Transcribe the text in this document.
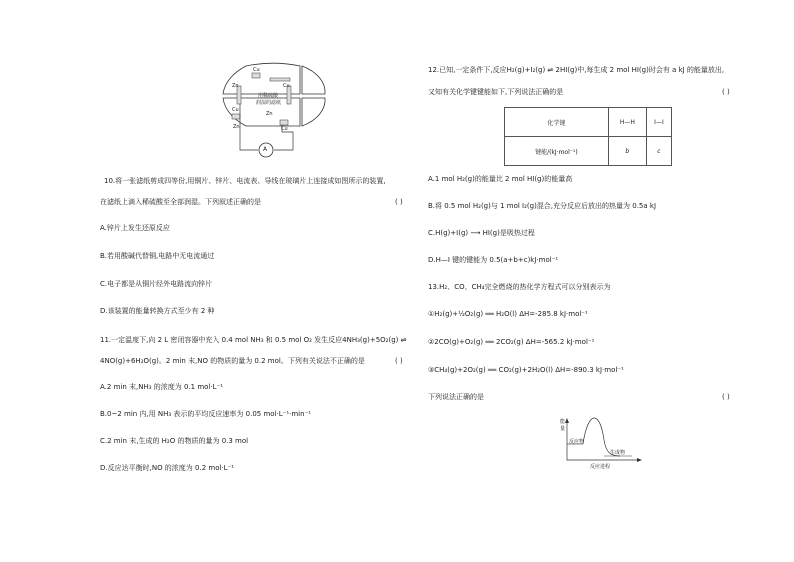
Cu
Zn	Cu
Cu
Zn
Zn	Cu
用稀硫酸
润湿的滤纸
A
10.将一张滤纸剪成四等份,用铜片、锌片、电流表、导线在玻璃片上连接成如图所示的装置,
在滤纸上滴入稀硫酸至全部润湿。下列叙述正确的是	( )
A.锌片上发生还原反应
B.若用酸碱代替铜,电路中无电流通过
C.电子都是从铜片经外电路流向锌片
D.该装置的能量转换方式至少有 2 种
11.一定温度下,向 2 L 密闭容器中充入 0.4 mol NH₃ 和 0.5 mol O₂ 发生反应4NH₃(g)+5O₂(g) ⇌
4NO(g)+6H₂O(g)。2 min 末,NO 的物质的量为 0.2 mol。下列有关说法不正确的是	( )
A.2 min 末,NH₃ 的浓度为 0.1 mol·L⁻¹
B.0~2 min 内,用 NH₃ 表示的平均反应速率为 0.05 mol·L⁻¹·min⁻¹
C.2 min 末,生成的 H₂O 的物质的量为 0.3 mol
D.反应达平衡时,NO 的浓度为 0.2 mol·L⁻¹
12.已知,一定条件下,反应H₂(g)+I₂(g) ⇌ 2HI(g)中,每生成 2 mol HI(g)时会有 a kJ 的能量放出,
又知有关化学键键能如下,下列说法正确的是	( )
化学键	H—H	I—I
键能/(kJ·mol⁻¹)	b	c
A.1 mol H₂(g)的能量比 2 mol HI(g)的能量高
B.将 0.5 mol H₂(g)与 1 mol I₂(g)混合,充分反应后放出的热量为 0.5a kJ
C.H(g)+I(g) ⟶ HI(g)是吸热过程
D.H—I 键的键能为 0.5(a+b+c)kJ·mol⁻¹
13.H₂、CO、CH₄完全燃烧的热化学方程式可以分别表示为
①H₂(g)+½O₂(g) ══ H₂O(l) ΔH=-285.8 kJ·mol⁻¹
②2CO(g)+O₂(g) ══ 2CO₂(g) ΔH=-565.2 kJ·mol⁻¹
③CH₄(g)+2O₂(g) ══ CO₂(g)+2H₂O(l) ΔH=-890.3 kJ·mol⁻¹
下列说法正确的是	( )
能
量
反应物
生成物
反应进程
